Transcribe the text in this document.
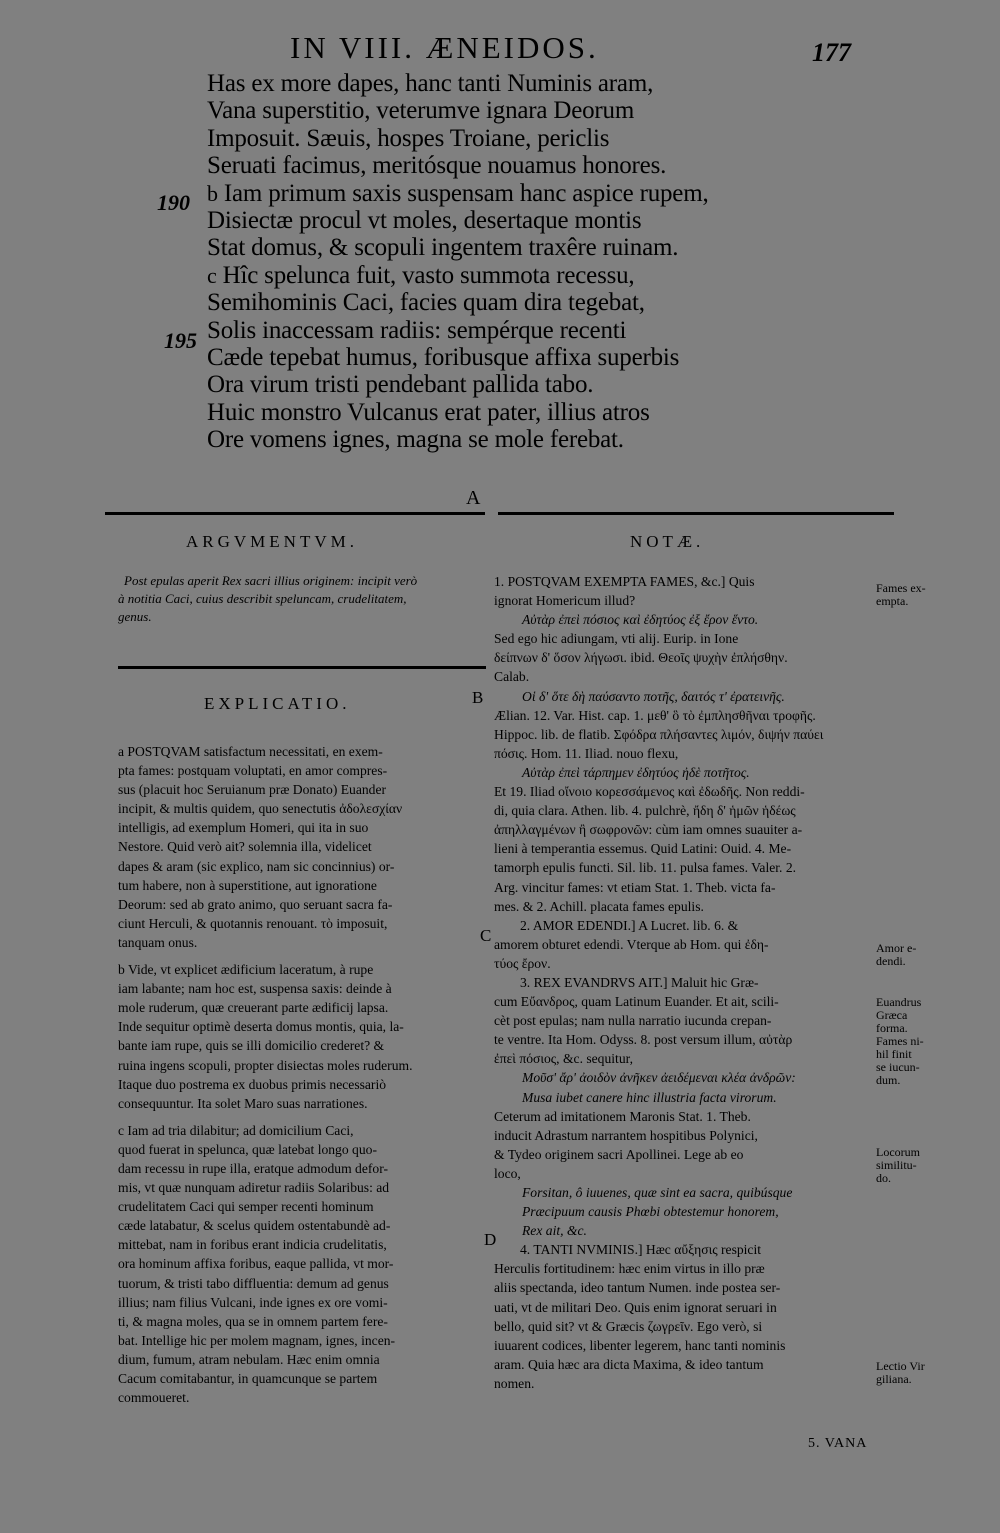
IN VIII. ÆNEIDOS.	177
190
195
Has ex more dapes, hanc tanti Numinis aram,
Vana superstitio, veterumve ignara Deorum
Imposuit. Sæuis, hospes Troiane, periclis
Seruati facimus, meritósque nouamus honores.
b Iam primum saxis suspensam hanc aspice rupem,
Disiectæ procul vt moles, desertaque montis
Stat domus, & scopuli ingentem traxêre ruinam.
c Hîc spelunca fuit, vasto summota recessu,
Semihominis Caci, facies quam dira tegebat,
Solis inaccessam radiis: sempérque recenti
Cæde tepebat humus, foribusque affixa superbis
Ora virum tristi pendebant pallida tabo.
Huic monstro Vulcanus erat pater, illius atros
Ore vomens ignes, magna se mole ferebat.
A
ARGVMENTVM.
Post epulas aperit Rex sacri illius originem: incipit verò
à notitia Caci, cuius describit speluncam, crudelitatem,
genus.
NOTÆ.
EXPLICATIO.	B
C
D

a POSTQVAM satisfactum necessitati, en exem-

pta fames: postquam voluptati, en amor compres-

sus (placuit hoc Seruianum præ Donato) Euander

incipit, & multis quidem, quo senectutis ἀδολεσχίαν

intelligis, ad exemplum Homeri, qui ita in suo

Nestore. Quid verò ait? solemnia illa, videlicet

dapes & aram (sic explico, nam sic concinnius) or-

tum habere, non à superstitione, aut ignoratione

Deorum: sed ab grato animo, quo seruant sacra fa-

ciunt Herculi, & quotannis renouant. τὸ imposuit,

tanquam onus.

b Vide, vt explicet ædificium laceratum, à rupe

iam labante; nam hoc est, suspensa saxis: deinde à

mole ruderum, quæ creuerant parte ædificij lapsa.

Inde sequitur optimè deserta domus montis, quia, la-

bante iam rupe, quis se illi domicilio crederet? &

ruina ingens scopuli, propter disiectas moles ruderum.

Itaque duo postrema ex duobus primis necessariò

consequuntur. Ita solet Maro suas narrationes.

c Iam ad tria dilabitur; ad domicilium Caci,

quod fuerat in spelunca, quæ latebat longo quo-

dam recessu in rupe illa, eratque admodum defor-

mis, vt quæ nunquam adiretur radiis Solaribus: ad

crudelitatem Caci qui semper recenti hominum

cæde latabatur, & scelus quidem ostentabundè ad-

mittebat, nam in foribus erant indicia crudelitatis,

ora hominum affixa foribus, eaque pallida, vt mor-

tuorum, & tristi tabo diffluentia: demum ad genus

illius; nam filius Vulcani, inde ignes ex ore vomi-

ti, & magna moles, qua se in omnem partem fere-

bat. Intellige hic per molem magnam, ignes, incen-

dium, fumum, atram nebulam. Hæc enim omnia

Cacum comitabantur, in quamcunque se partem

commoueret.

1. POSTQVAM EXEMPTA FAMES, &c.] Quis

ignorat Homericum illud?

Αὐτὰρ ἐπεὶ πόσιος καὶ ἐδητύος ἐξ ἔρον ἕντο.

Sed ego hic adiungam, vti alij. Eurip. in Ione

δείπνων δ' ὅσον λήγωσι. ibid. Θεοῖς ψυχὴν ἐπλήσθην.

Calab.

Οἱ δ' ὅτε δὴ παύσαντο ποτῆς, δαιτός τ' ἐρατεινῆς.

Ælian. 12. Var. Hist. cap. 1. μεθ' ὃ τὸ ἐμπλησθῆναι τροφῆς.

Hippoc. lib. de flatib. Σφόδρα πλήσαντες λιμόν, διψήν παύει

πόσις. Hom. 11. Iliad. nouo flexu,

Αὐτὰρ ἐπεὶ τάρπημεν ἐδητύος ἠδὲ ποτῆτος.

Et 19. Iliad οἴνοιο κορεσσάμενος καὶ ἐδωδῆς. Non reddi-

di, quia clara. Athen. lib. 4. pulchrè, ἤδη δ' ἡμῶν ἡδέως

ἀπηλλαγμένων ἢ σωφρονῶν: cùm iam omnes suauiter a-

lieni à temperantia essemus. Quid Latini: Ouid. 4. Me-

tamorph epulis functi. Sil. lib. 11. pulsa fames. Valer. 2.

Arg. vincitur fames: vt etiam Stat. 1. Theb. victa fa-

mes. & 2. Achill. placata fames epulis.

2. AMOR EDENDI.] A Lucret. lib. 6. &

amorem obturet edendi. Vterque ab Hom. qui ἐδη-

τύος ἔρον.

3. REX EVANDRVS AIT.] Maluit hic Græ-

cum Εὔανδρος, quam Latinum Euander. Et ait, scili-

cèt post epulas; nam nulla narratio iucunda crepan-

te ventre. Ita Hom. Odyss. 8. post versum illum, αὐτὰρ

ἐπεὶ πόσιος, &c. sequitur,

Μοῦσ' ἄρ' ἀοιδὸν ἀνῆκεν ἀειδέμεναι κλέα ἀνδρῶν:

Musa iubet canere hinc illustria facta virorum.

Ceterum ad imitationem Maronis Stat. 1. Theb.

inducit Adrastum narrantem hospitibus Polynici,

& Tydeo originem sacri Apollinei. Lege ab eo

loco,

Forsitan, ô iuuenes, quæ sint ea sacra, quibúsque

Præcipuum causis Phœbi obtestemur honorem,

Rex ait, &c.

4. TANTI NVMINIS.] Hæc αὔξησις respicit

Herculis fortitudinem: hæc enim virtus in illo præ

aliis spectanda, ideo tantum Numen. inde postea ser-

uati, vt de militari Deo. Quis enim ignorat seruari in

bello, quid sit? vt & Græcis ζωγρεῖν. Ego verò, si

iuuarent codices, libenter legerem, hanc tanti nominis

aram. Quia hæc ara dicta Maxima, & ideo tantum

nomen.

Fames ex-
empta.
Amor e-
dendi.
Euandrus
Græca
forma.
Fames ni-
hil finit
se iucun-
dum.
Locorum
similitu-
do.
Lectio Vir
giliana.
5. VANA
